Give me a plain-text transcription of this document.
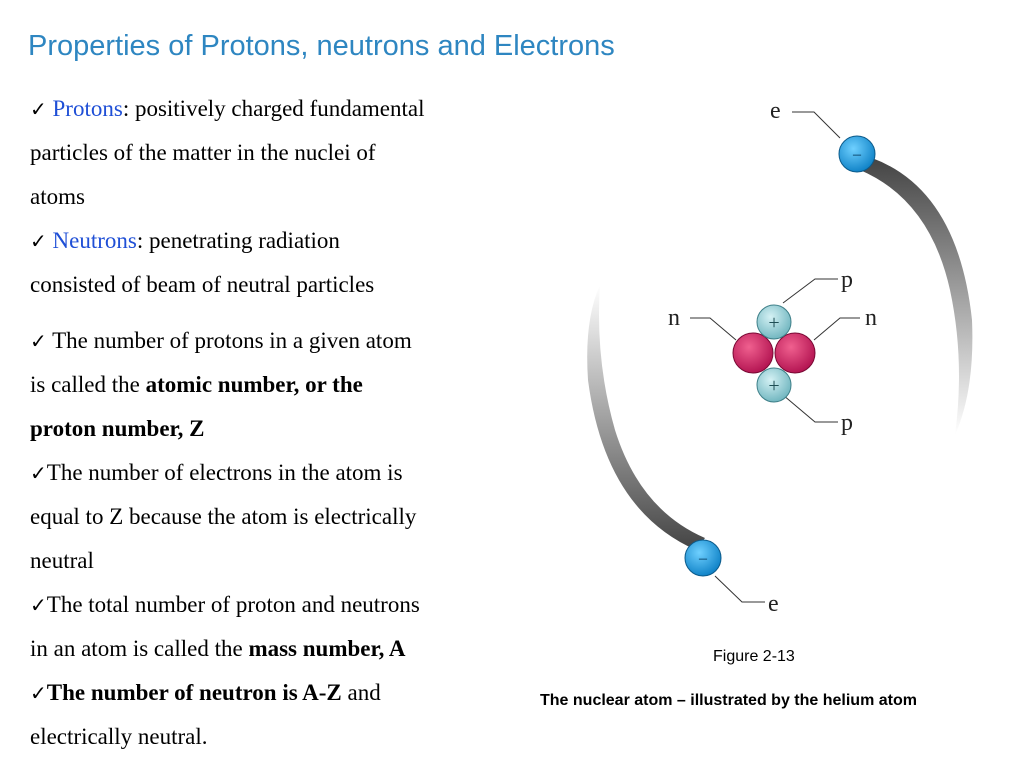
Properties of Protons, neutrons and Electrons

✓ Protons: positively charged fundamental
particles of the matter in the nuclei of
atoms

✓ Neutrons: penetrating radiation
consisted of beam of neutral particles

✓ The number of protons in a given atom
is called the atomic number, or the
proton number, Z

✓The number of electrons in the atom is
equal to Z because the atom is electrically
neutral

✓The total number of proton and neutrons
in an atom is called the mass number, A

✓The number of neutron is A-Z and
electrically neutral.

–
–
e
e
+
+
p
p
n	n
Figure 2-13
The nuclear atom – illustrated by the helium atom
